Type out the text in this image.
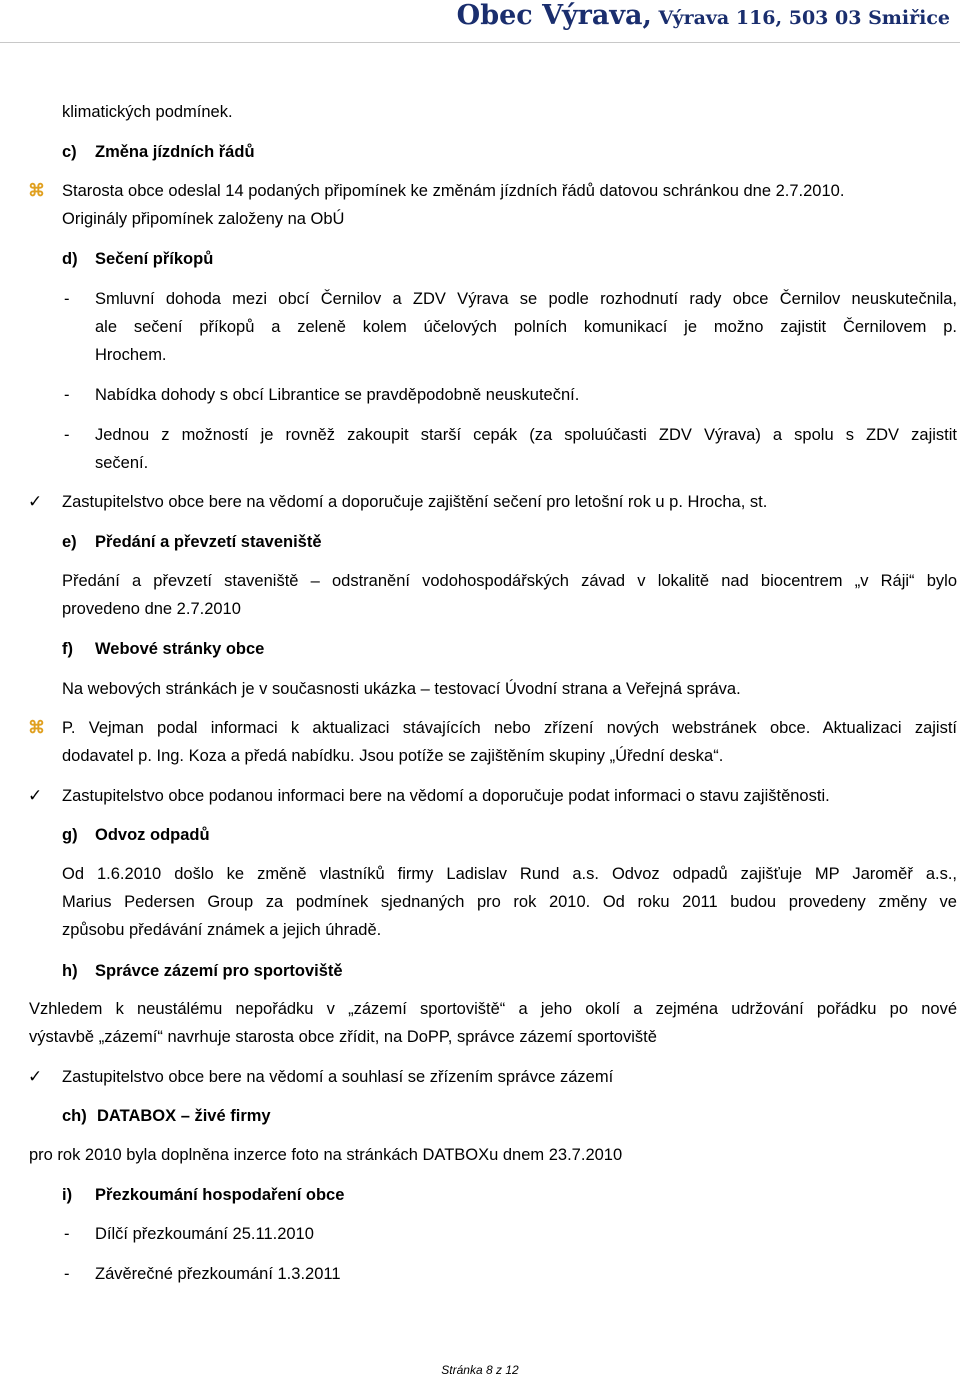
Obec Výrava, Výrava 116, 503 03 Smiřice
klimatických podmínek.
c) Změna jízdních řádů
⌘ Starosta obce odeslal 14 podaných připomínek ke změnám jízdních řádů datovou schránkou dne 2.7.2010.
Originály připomínek založeny na ObÚ
d) Sečení příkopů
- Smluvní dohoda mezi obcí Černilov a ZDV Výrava se podle rozhodnutí rady obce Černilov neuskutečnila,
ale sečení příkopů a zeleně kolem účelových polních komunikací je možno zajistit Černilovem p.
Hrochem.
- Nabídka dohody s obcí Librantice se pravděpodobně neuskuteční.
- Jednou z možností je rovněž zakoupit starší cepák (za spoluúčasti ZDV Výrava) a spolu s ZDV zajistit
sečení.
✓ Zastupitelstvo obce bere na vědomí a doporučuje zajištění sečení pro letošní rok u p. Hrocha, st.
e) Předání a převzetí staveniště
Předání a převzetí staveniště – odstranění vodohospodářských závad v lokalitě nad biocentrem „v Ráji“ bylo
provedeno dne 2.7.2010
f) Webové stránky obce
Na webových stránkách je v současnosti ukázka – testovací Úvodní strana a Veřejná správa.
⌘ P. Vejman podal informaci k aktualizaci stávajících nebo zřízení nových webstránek obce. Aktualizaci zajistí
dodavatel p. Ing. Koza a předá nabídku. Jsou potíže se zajištěním skupiny „Úřední deska“.
✓ Zastupitelstvo obce podanou informaci bere na vědomí a doporučuje podat informaci o stavu zajištěnosti.
g) Odvoz odpadů
Od 1.6.2010 došlo ke změně vlastníků firmy Ladislav Rund a.s. Odvoz odpadů zajišťuje MP Jaroměř a.s.,
Marius Pedersen Group za podmínek sjednaných pro rok 2010. Od roku 2011 budou provedeny změny ve
způsobu předávání známek a jejich úhradě.
h) Správce zázemí pro sportoviště
Vzhledem k neustálému nepořádku v „zázemí sportoviště“ a jeho okolí a zejména udržování pořádku po nové
výstavbě „zázemí“ navrhuje starosta obce zřídit, na DoPP, správce zázemí sportoviště
✓ Zastupitelstvo obce bere na vědomí a souhlasí se zřízením správce zázemí
ch) DATABOX – živé firmy
pro rok 2010 byla doplněna inzerce foto na stránkách DATBOXu dnem 23.7.2010
i) Přezkoumání hospodaření obce
- Dílčí přezkoumání 25.11.2010
- Závěrečné přezkoumání 1.3.2011
Stránka 8 z 12
